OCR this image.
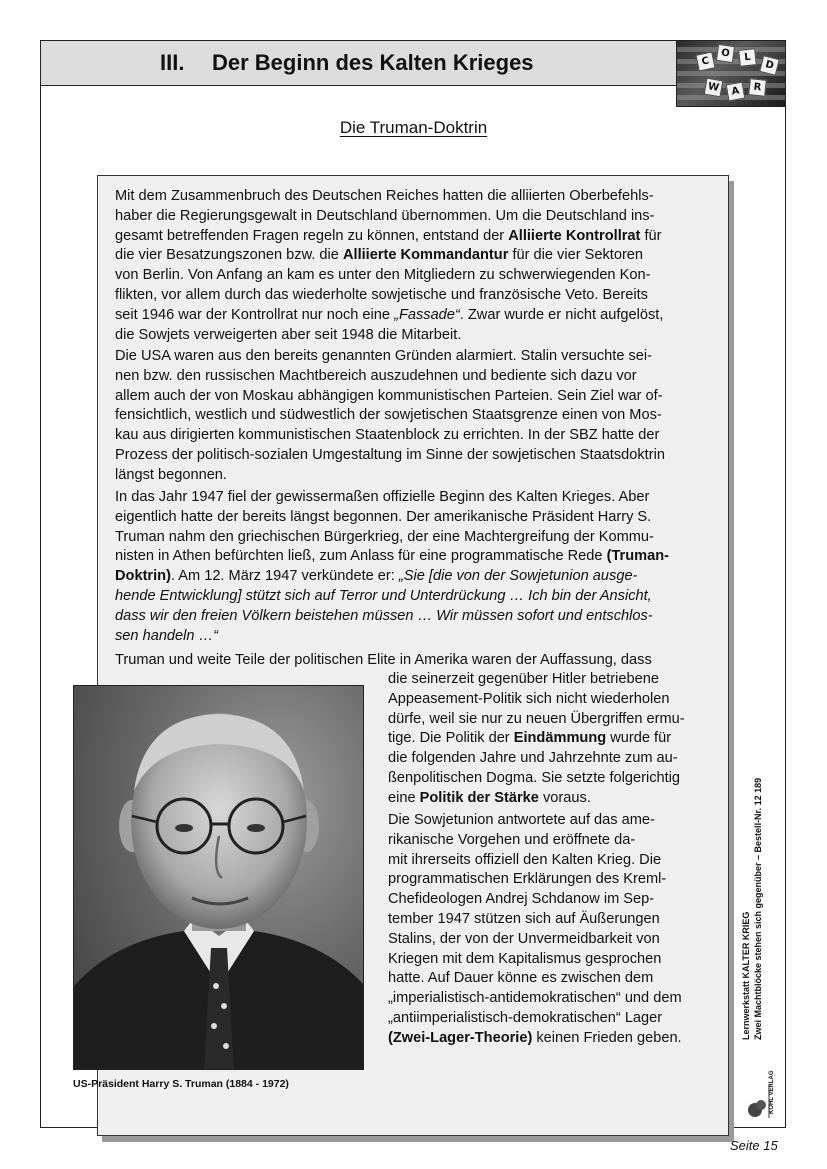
III. Der Beginn des Kalten Krieges	C
O	L
D
W	A	R
Die Truman-Doktrin

Mit dem Zusammenbruch des Deutschen Reiches hatten die alliierten Oberbefehls-
haber die Regierungsgewalt in Deutschland übernommen. Um die Deutschland ins-
gesamt betreffenden Fragen regeln zu können, entstand der Alliierte Kontrollrat für
die vier Besatzungszonen bzw. die Alliierte Kommandantur für die vier Sektoren
von Berlin. Von Anfang an kam es unter den Mitgliedern zu schwerwiegenden Kon-
flikten, vor allem durch das wiederholte sowjetische und französische Veto. Bereits
seit 1946 war der Kontrollrat nur noch eine „Fassade“. Zwar wurde er nicht aufgelöst,
die Sowjets verweigerten aber seit 1948 die Mitarbeit.

Die USA waren aus den bereits genannten Gründen alarmiert. Stalin versuchte sei-
nen bzw. den russischen Machtbereich auszudehnen und bediente sich dazu vor
allem auch der von Moskau abhängigen kommunistischen Parteien. Sein Ziel war of-
fensichtlich, westlich und südwestlich der sowjetischen Staatsgrenze einen von Mos-
kau aus dirigierten kommunistischen Staatenblock zu errichten. In der SBZ hatte der
Prozess der politisch-sozialen Umgestaltung im Sinne der sowjetischen Staatsdoktrin
längst begonnen.

In das Jahr 1947 fiel der gewissermaßen offizielle Beginn des Kalten Krieges. Aber
eigentlich hatte der bereits längst begonnen. Der amerikanische Präsident Harry S.
Truman nahm den griechischen Bürgerkrieg, der eine Machtergreifung der Kommu-
nisten in Athen befürchten ließ, zum Anlass für eine programmatische Rede (Truman-
Doktrin). Am 12. März 1947 verkündete er: „Sie [die von der Sowjetunion ausge-
hende Entwicklung] stützt sich auf Terror und Unterdrückung … Ich bin der Ansicht,
dass wir den freien Völkern beistehen müssen … Wir müssen sofort und entschlos-
sen handeln …“

Truman und weite Teile der politischen Elite in Amerika waren der Auffassung, dass

die seinerzeit gegenüber Hitler betriebene
Appeasement-Politik sich nicht wiederholen
dürfe, weil sie nur zu neuen Übergriffen ermu-
tige. Die Politik der Eindämmung wurde für
die folgenden Jahre und Jahrzehnte zum au-
ßenpolitischen Dogma. Sie setzte folgerichtig
eine Politik der Stärke voraus.

Die Sowjetunion antwortete auf das ame-
rikanische Vorgehen und eröffnete da-
mit ihrerseits offiziell den Kalten Krieg. Die
programmatischen Erklärungen des Kreml-
Chefideologen Andrej Schdanow im Sep-
tember 1947 stützen sich auf Äußerungen
Stalins, der von der Unvermeidbarkeit von
Kriegen mit dem Kapitalismus gesprochen
hatte. Auf Dauer könne es zwischen dem
„imperialistisch-antidemokratischen“ und dem
„antiimperialistisch-demokratischen“ Lager
(Zwei-Lager-Theorie) keinen Frieden geben.

US-Präsident Harry S. Truman (1884 - 1972)
Lernwerkstatt KALTER KRIEG Zwei Machtblöcke stehen sich gegenüber – Bestell-Nr. 12 189
KOHL VERLAG
Seite 15
